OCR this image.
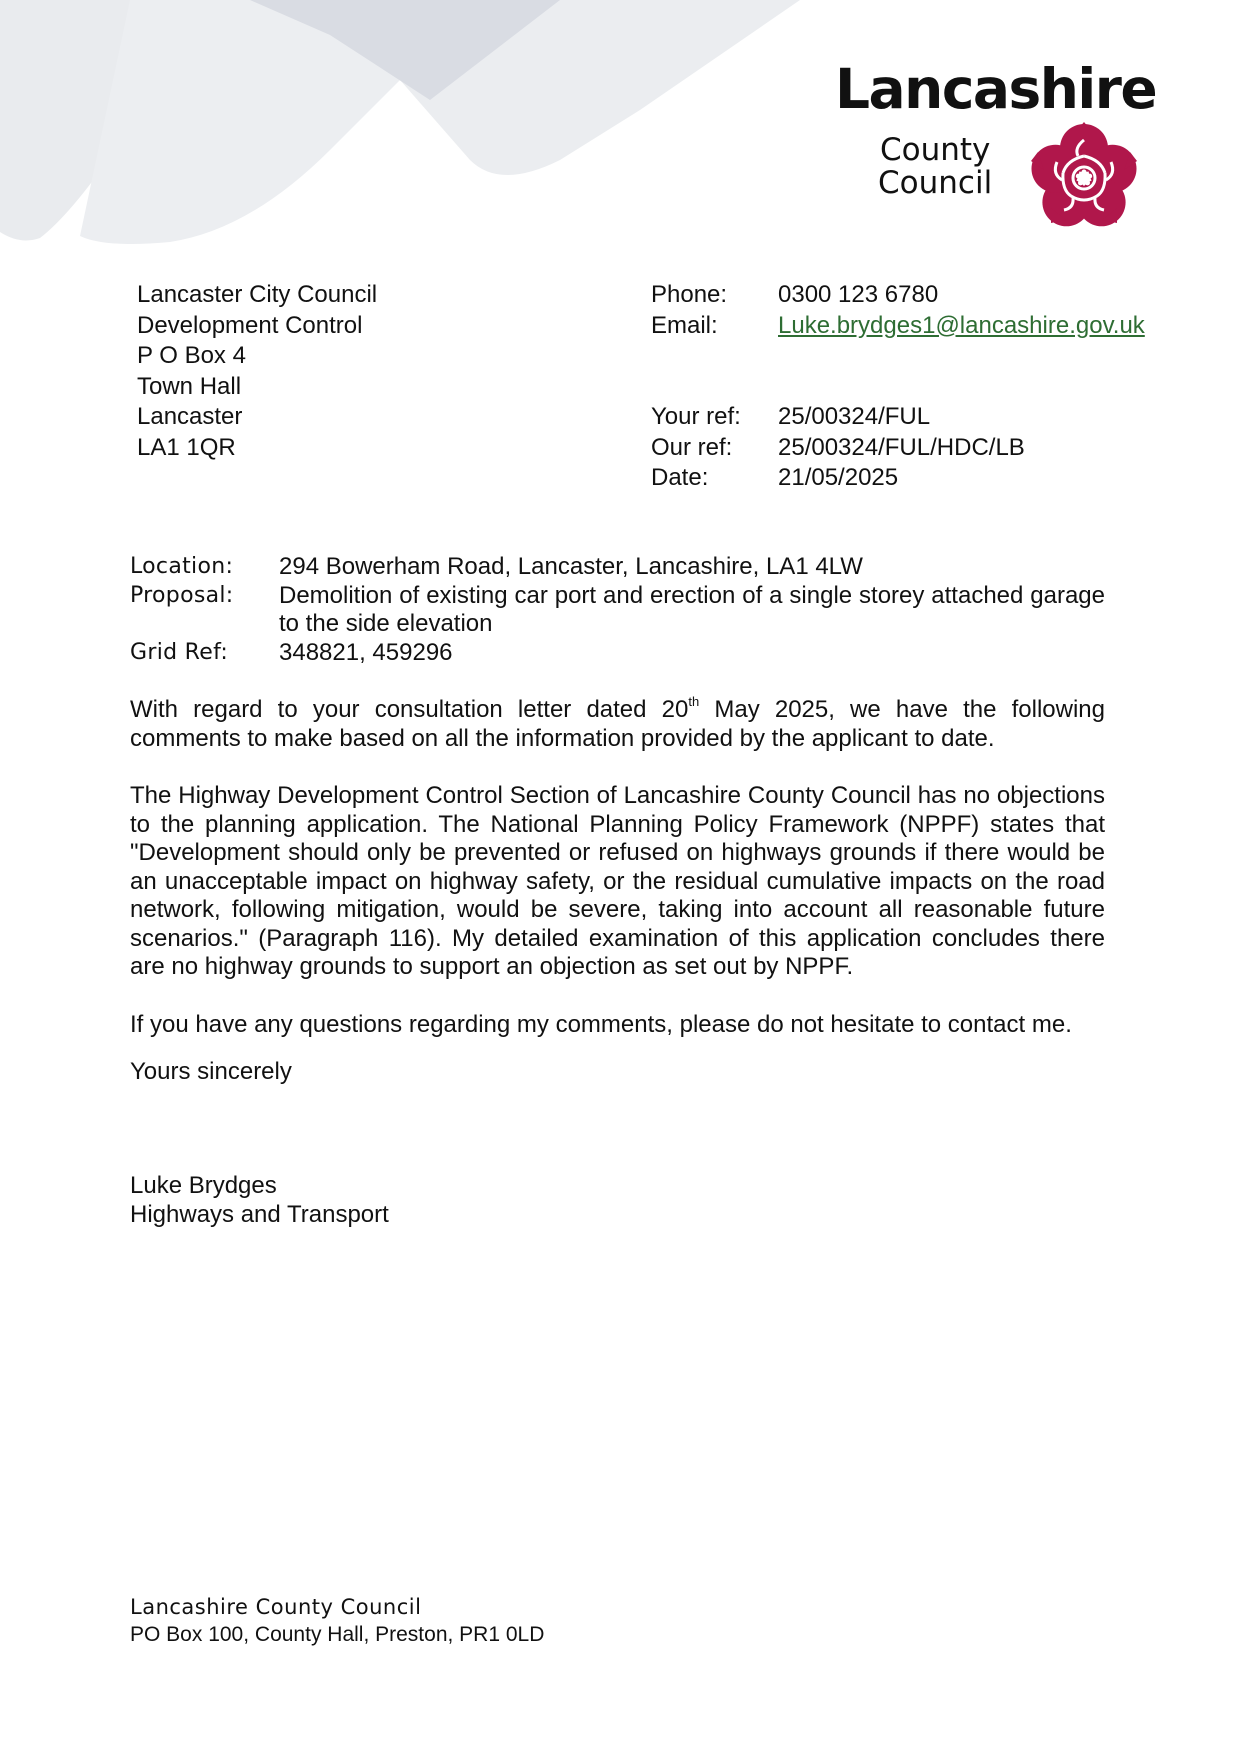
Lancashire
County
Council
Lancaster City Council
Development Control
P O Box 4
Town Hall
Lancaster
LA1 1QR
Phone:	0300 123 6780
Email:	Luke.brydges1@lancashire.gov.uk
Your ref:	25/00324/FUL
Our ref:	25/00324/FUL/HDC/LB
Date:	21/05/2025
Location:	294 Bowerham Road, Lancaster, Lancashire, LA1 4LW
Proposal:	Demolition of existing car port and erection of a single storey attached garage to the side elevation
Grid Ref:	348821, 459296

With regard to your consultation letter dated 20th May 2025, we have the following comments to make based on all the information provided by the applicant to date.

The Highway Development Control Section of Lancashire County Council has no objections to the planning application. The National Planning Policy Framework (NPPF) states that "Development should only be prevented or refused on highways grounds if there would be an unacceptable impact on highway safety, or the residual cumulative impacts on the road network, following mitigation, would be severe, taking into account all reasonable future scenarios." (Paragraph 116). My detailed examination of this application concludes there are no highway grounds to support an objection as set out by NPPF.

If you have any questions regarding my comments, please do not hesitate to contact me.

Yours sincerely

Luke Brydges
Highways and Transport
Lancashire County Council
PO Box 100, County Hall, Preston, PR1 0LD
